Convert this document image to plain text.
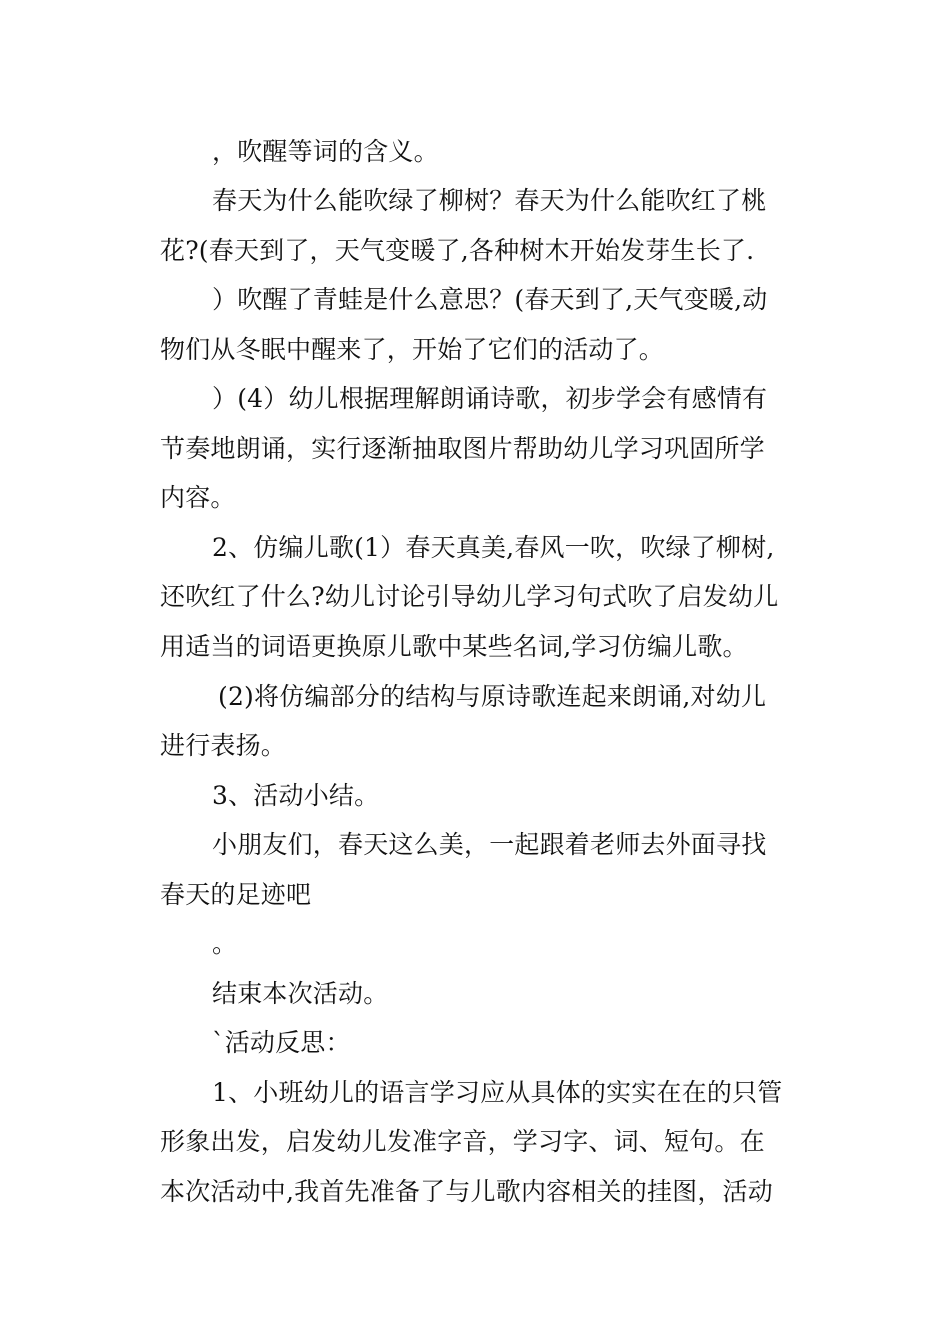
，吹醒等词的含义。
春天为什么能吹绿了柳树？春天为什么能吹红了桃
花?(春天到了，天气变暖了,各种树木开始发芽生长了.
）吹醒了青蛙是什么意思？(春天到了,天气变暖,动
物们从冬眠中醒来了，开始了它们的活动了。
）(4）幼儿根据理解朗诵诗歌，初步学会有感情有
节奏地朗诵，实行逐渐抽取图片帮助幼儿学习巩固所学
内容。
2、仿编儿歌(1）春天真美,春风一吹，吹绿了柳树,
还吹红了什么?幼儿讨论引导幼儿学习句式吹了启发幼儿
用适当的词语更换原儿歌中某些名词,学习仿编儿歌。
(2)将仿编部分的结构与原诗歌连起来朗诵,对幼儿
进行表扬。
3、活动小结。
小朋友们，春天这么美，一起跟着老师去外面寻找
春天的足迹吧
。
结束本次活动。
`活动反思：
1、小班幼儿的语言学习应从具体的实实在在的只管
形象出发，启发幼儿发准字音，学习字、词、短句。在
本次活动中,我首先准备了与儿歌内容相关的挂图，活动
